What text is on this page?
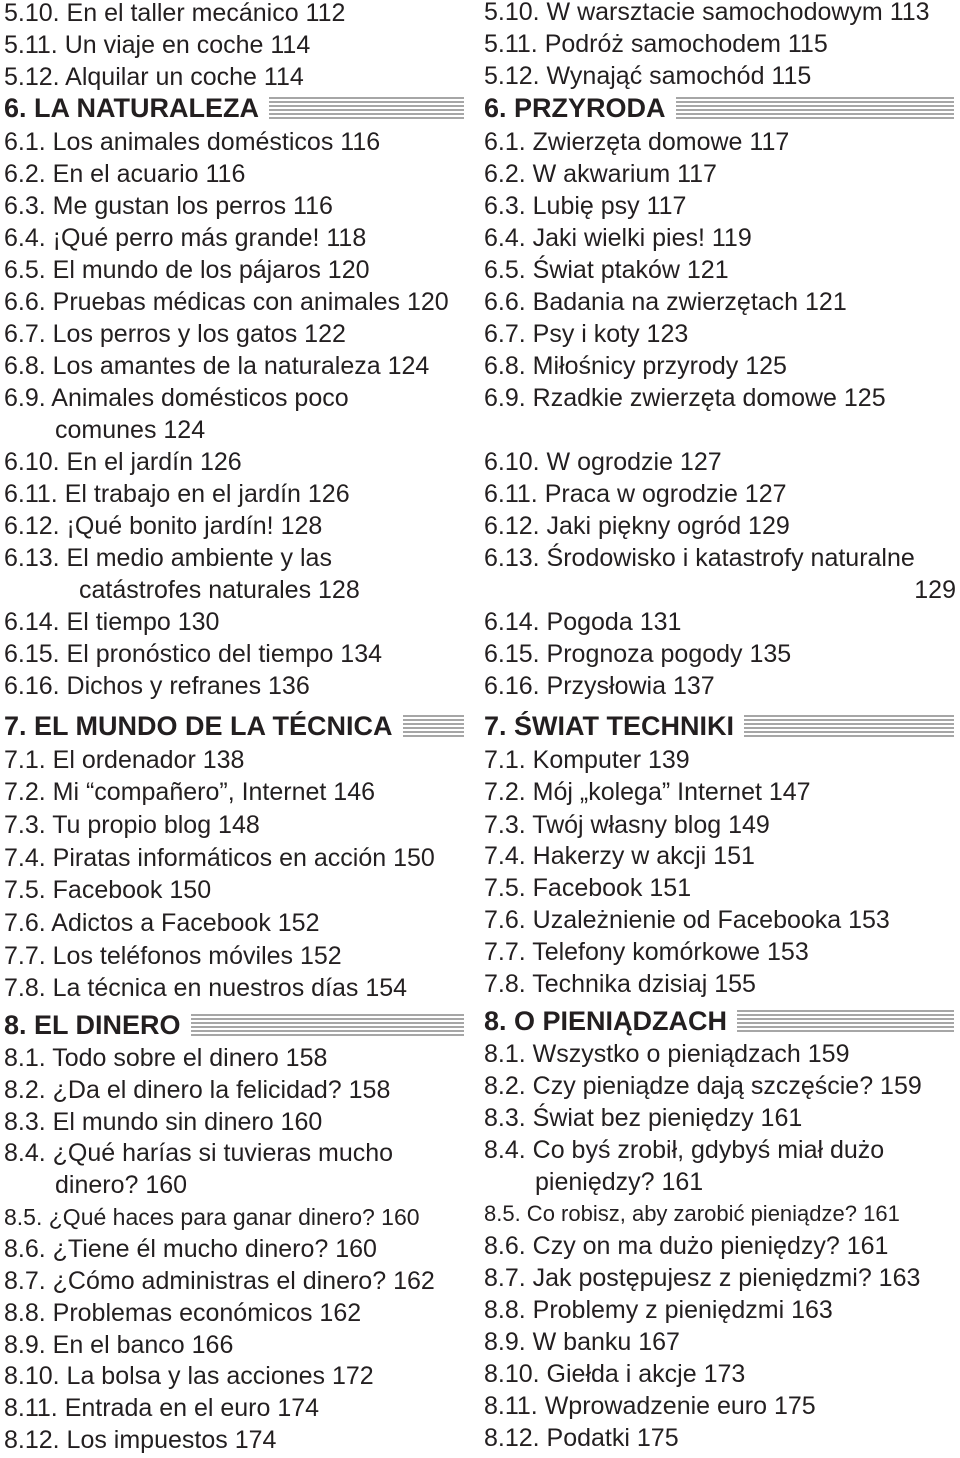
5.10. En el taller mecánico 112
5.11. Un viaje en coche 114
5.12. Alquilar un coche 114
6. LA NATURALEZA
6.1. Los animales domésticos 116
6.2. En el acuario 116
6.3. Me gustan los perros 116
6.4. ¡Qué perro más grande! 118
6.5. El mundo de los pájaros 120
6.6. Pruebas médicas con animales 120
6.7. Los perros y los gatos 122
6.8. Los amantes de la naturaleza 124
6.9. Animales domésticos poco
comunes 124
6.10. En el jardín 126
6.11. El trabajo en el jardín 126
6.12. ¡Qué bonito jardín! 128
6.13. El medio ambiente y las
catástrofes naturales 128
6.14. El tiempo 130
6.15. El pronóstico del tiempo 134
6.16. Dichos y refranes 136
7. EL MUNDO DE LA TÉCNICA
7.1. El ordenador 138
7.2. Mi “compañero”, Internet 146
7.3. Tu propio blog 148
7.4. Piratas informáticos en acción 150
7.5. Facebook 150
7.6. Adictos a Facebook 152
7.7. Los teléfonos móviles 152
7.8. La técnica en nuestros días 154
8. EL DINERO
8.1. Todo sobre el dinero 158
8.2. ¿Da el dinero la felicidad? 158
8.3. El mundo sin dinero 160
8.4. ¿Qué harías si tuvieras mucho
dinero? 160
8.5. ¿Qué haces para ganar dinero? 160
8.6. ¿Tiene él mucho dinero? 160
8.7. ¿Cómo administras el dinero? 162
8.8. Problemas económicos 162
8.9. En el banco 166
8.10. La bolsa y las acciones 172
8.11. Entrada en el euro 174
8.12. Los impuestos 174
5.10. W warsztacie samochodowym 113
5.11. Podróż samochodem 115
5.12. Wynająć samochód 115
6. PRZYRODA
6.1. Zwierzęta domowe 117
6.2. W akwarium 117
6.3. Lubię psy 117
6.4. Jaki wielki pies! 119
6.5. Świat ptaków 121
6.6. Badania na zwierzętach 121
6.7. Psy i koty 123
6.8. Miłośnicy przyrody 125
6.9. Rzadkie zwierzęta domowe 125
6.10. W ogrodzie 127
6.11. Praca w ogrodzie 127
6.12. Jaki piękny ogród 129
6.13. Środowisko i katastrofy naturalne
129
6.14. Pogoda 131
6.15. Prognoza pogody 135
6.16. Przysłowia 137
7. ŚWIAT TECHNIKI
7.1. Komputer 139
7.2. Mój „kolega” Internet 147
7.3. Twój własny blog 149
7.4. Hakerzy w akcji 151
7.5. Facebook 151
7.6. Uzależnienie od Facebooka 153
7.7. Telefony komórkowe 153
7.8. Technika dzisiaj 155
8. O PIENIĄDZACH
8.1. Wszystko o pieniądzach 159
8.2. Czy pieniądze dają szczęście? 159
8.3. Świat bez pieniędzy 161
8.4. Co byś zrobił, gdybyś miał dużo
pieniędzy? 161
8.5. Co robisz, aby zarobić pieniądze? 161
8.6. Czy on ma dużo pieniędzy? 161
8.7. Jak postępujesz z pieniędzmi? 163
8.8. Problemy z pieniędzmi 163
8.9. W banku 167
8.10. Giełda i akcje 173
8.11. Wprowadzenie euro 175
8.12. Podatki 175
